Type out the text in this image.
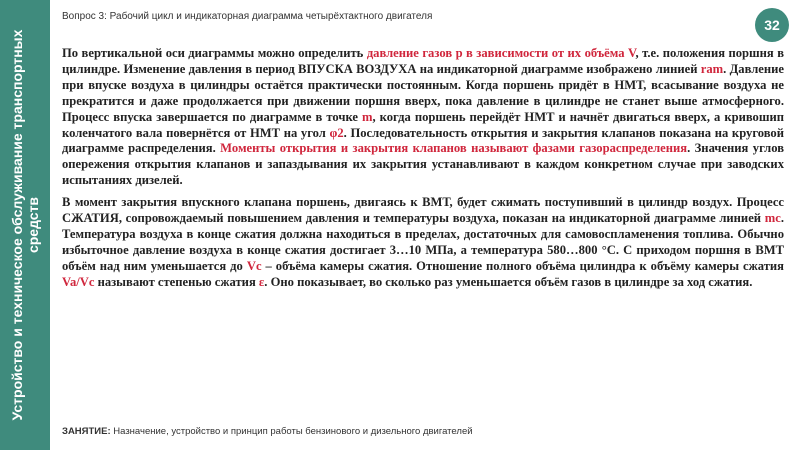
Устройство и техническое обслуживание транспортных средств
Вопрос 3: Рабочий цикл и индикаторная диаграмма четырёхтактного двигателя
32

По вертикальной оси диаграммы можно определить давление газов p в зависимости от их объёма V, т.е. положения поршня в цилиндре. Изменение давления в период ВПУСКА ВОЗДУХА на индикаторной диаграмме изображено линией ram. Давление при впуске воздуха в цилиндры остаётся практически постоянным. Когда поршень придёт в НМТ, всасывание воздуха не прекратится и даже продолжается при движении поршня вверх, пока давление в цилиндре не станет выше атмосферного. Процесс впуска завершается по диаграмме в точке m, когда поршень перейдёт НМТ и начнёт двигаться вверх, а кривошип коленчатого вала повернётся от НМТ на угол φ2. Последовательность открытия и закрытия клапанов показана на круговой диаграмме распределения. Моменты открытия и закрытия клапанов называют фазами газораспределения. Значения углов опережения открытия клапанов и запаздывания их закрытия устанавливают в каждом конкретном случае при заводских испытаниях дизелей.

В момент закрытия впускного клапана поршень, двигаясь к ВМТ, будет сжимать поступивший в цилиндр воздух. Процесс СЖАТИЯ, сопровождаемый повышением давления и температуры воздуха, показан на индикаторной диаграмме линией mc. Температура воздуха в конце сжатия должна находиться в пределах, достаточных для самовоспламенения топлива. Обычно избыточное давление воздуха в конце сжатия достигает 3…10 МПа, а температура 580…800 °С. С приходом поршня в ВМТ объём над ним уменьшается до Vc – объёма камеры сжатия. Отношение полного объёма цилиндра к объёму камеры сжатия Va/Vc называют степенью сжатия ε. Оно показывает, во сколько раз уменьшается объём газов в цилиндре за ход сжатия.

ЗАНЯТИЕ: Назначение, устройство и принцип работы бензинового и дизельного двигателей
